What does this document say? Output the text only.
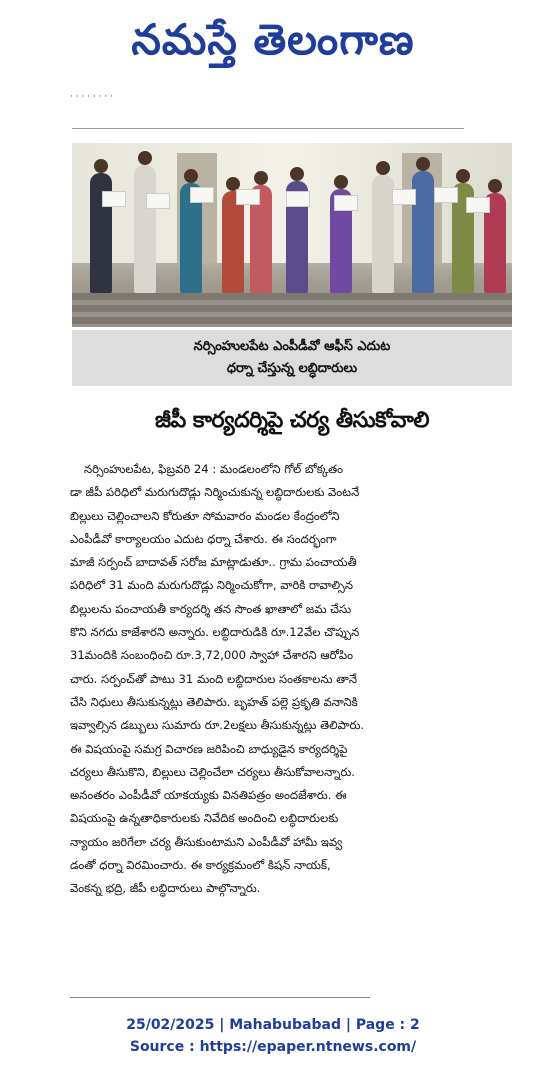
నమస్తే తెలంగాణ
· · · · · · · ·
నర్సింహులపేట ఎంపీడీవో ఆఫీస్ ఎదుట
ధర్నా చేస్తున్న లబ్ధిదారులు
జీపీ కార్యదర్శిపై చర్య తీసుకోవాలి

నర్సింహులపేట, ఫిబ్రవరి 24 : మండలంలోని గోల్ బోక్కతం

డా జీపీ పరిధిలో మరుగుదొడ్లు నిర్మించుకున్న లబ్ధిదారులకు వెంటనే

బిల్లులు చెల్లించాలని కోరుతూ సోమవారం మండల కేంద్రంలోని

ఎంపీడీవో కార్యాలయం ఎదుట ధర్నా చేశారు. ఈ సందర్భంగా

మాజీ సర్పంచ్ బాదావత్ సరోజ మాట్లాడుతూ.. గ్రామ పంచాయతీ

పరిధిలో 31 మంది మరుగుదొడ్లు నిర్మించుకోగా, వారికి రావాల్సిన

బిల్లులను పంచాయతీ కార్యదర్శి తన సొంత ఖాతాలో జమ చేసు

కొని నగదు కాజేశారని అన్నారు. లబ్ధిదారుడికి రూ.12వేల చొప్పున

31మందికి సంబంధించి రూ.3,72,000 స్వాహా చేశారని ఆరోపిం

చారు. సర్పంచ్‌తో పాటు 31 మంది లబ్ధిదారుల సంతకాలను తానే

చేసి నిధులు తీసుకున్నట్లు తెలిపారు. బృహత్ పల్లె ప్రకృతి వనానికి

ఇవ్వాల్సిన డబ్బులు సుమారు రూ.2లక్షలు తీసుకున్నట్లు తెలిపారు.

ఈ విషయంపై సమగ్ర విచారణ జరిపించి బాధ్యుడైన కార్యదర్శిపై

చర్యలు తీసుకొని, బిల్లులు చెల్లించేలా చర్యలు తీసుకోవాలన్నారు.

అనంతరం ఎంపీడీవో యాకయ్యకు వినతిపత్రం అందజేశారు. ఈ

విషయంపై ఉన్నతాధికారులకు నివేదిక అందించి లబ్ధిదారులకు

న్యాయం జరిగేలా చర్య తీసుకుంటామని ఎంపీడీవో హామీ ఇవ్వ

డంతో ధర్నా విరమించారు. ఈ కార్యక్రమంలో కిషన్ నాయక్,

వెంకన్న భద్రి, జీపీ లబ్ధిదారులు పాల్గొన్నారు.

25/02/2025 | Mahabubabad | Page : 2
Source : https://epaper.ntnews.com/
